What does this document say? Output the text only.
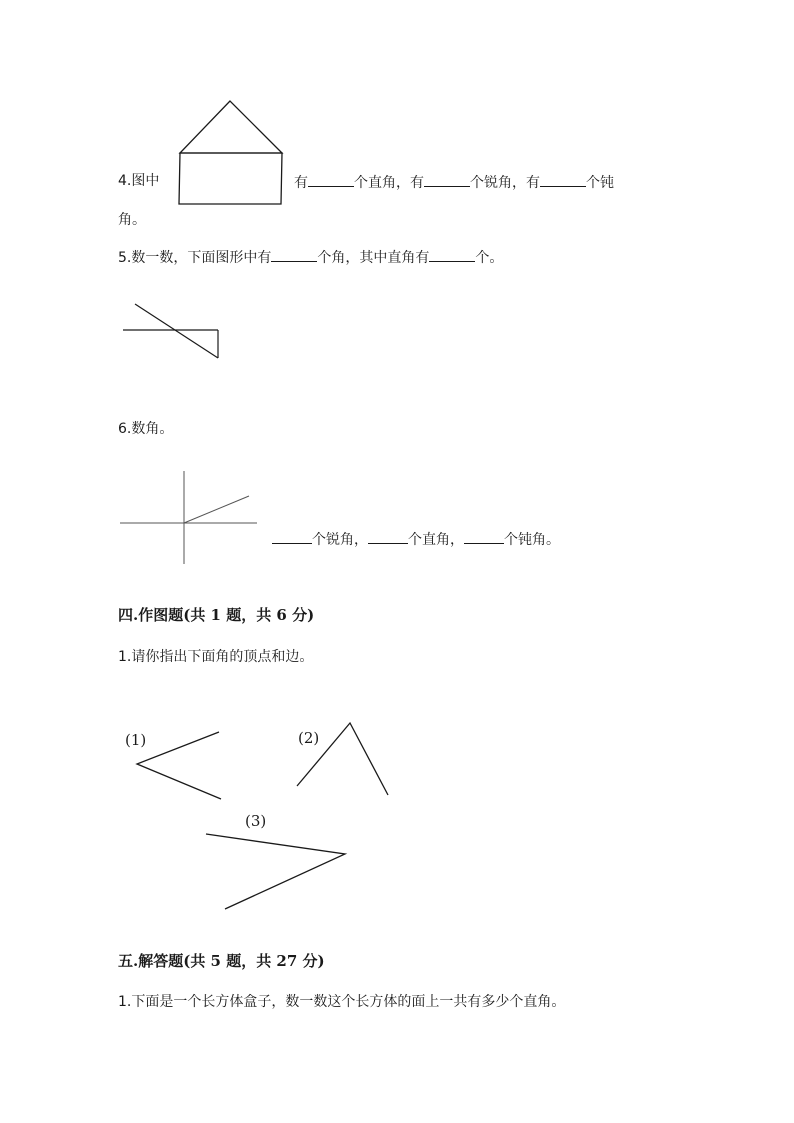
4.图中	有	个直角，有	个锐角，有	个钝
角。
5.数一数，下面图形中有	个角，其中直角有	个。
6.数角。
个锐角，	个直角，	个钝角。
四.作图题(共 1 题，共 6 分)
1.请你指出下面角的顶点和边。
(1)	(2)
(3)
五.解答题(共 5 题，共 27 分)
1.下面是一个长方体盒子，数一数这个长方体的面上一共有多少个直角。
